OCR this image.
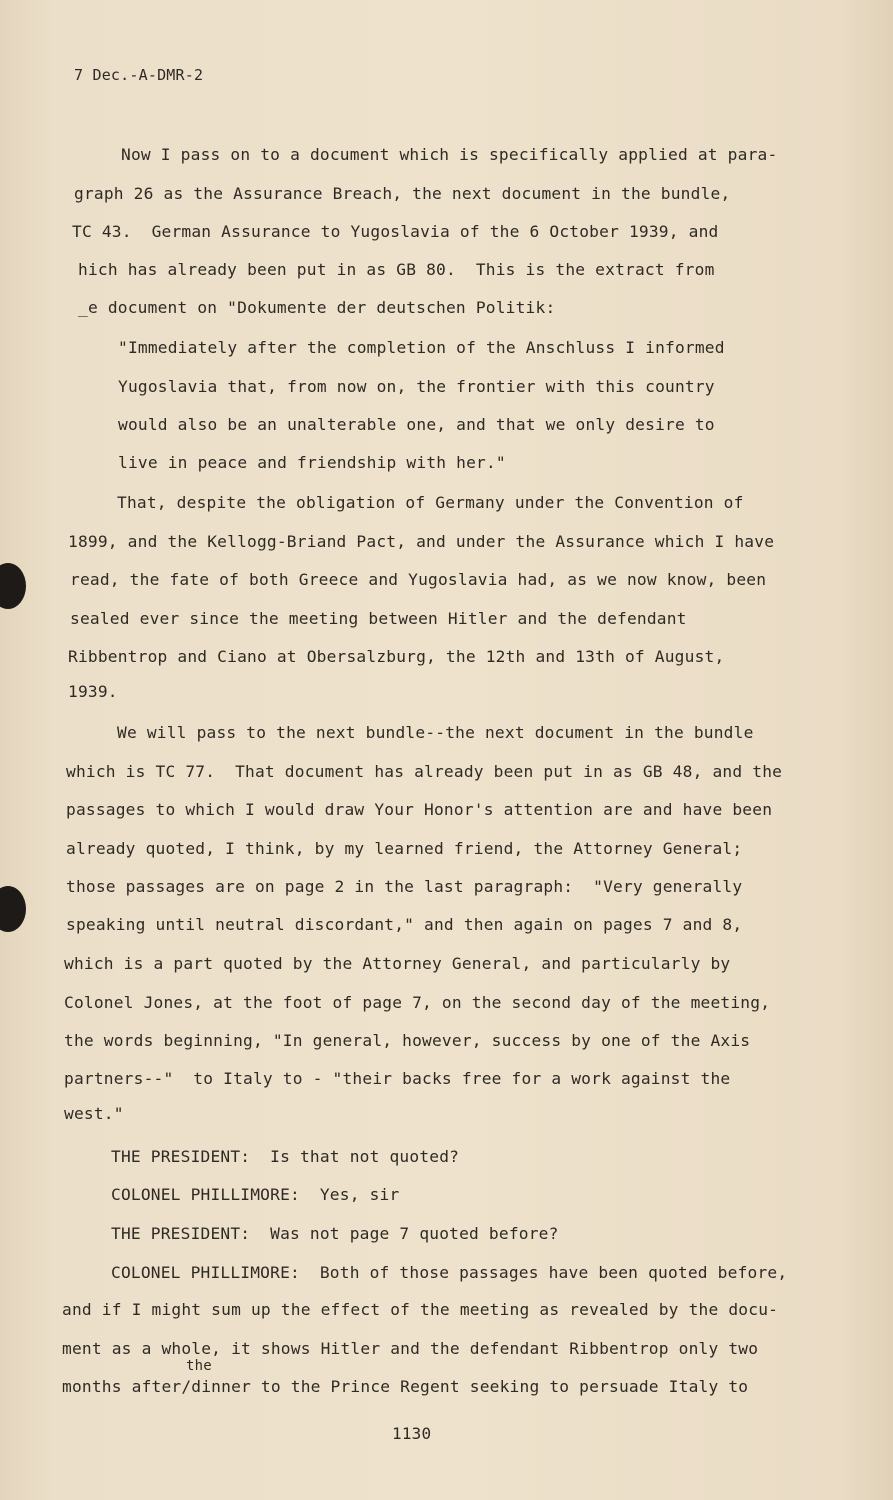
7 Dec.-A-DMR-2
Now I pass on to a document which is specifically applied at para-
graph 26 as the Assurance Breach, the next document in the bundle,
TC 43.  German Assurance to Yugoslavia of the 6 October 1939, and
hich has already been put in as GB 80.  This is the extract from
_e document on "Dokumente der deutschen Politik:
"Immediately after the completion of the Anschluss I informed
Yugoslavia that, from now on, the frontier with this country
would also be an unalterable one, and that we only desire to
live in peace and friendship with her."
That, despite the obligation of Germany under the Convention of
1899, and the Kellogg-Briand Pact, and under the Assurance which I have
read, the fate of both Greece and Yugoslavia had, as we now know, been
sealed ever since the meeting between Hitler and the defendant
Ribbentrop and Ciano at Obersalzburg, the 12th and 13th of August,
1939.
We will pass to the next bundle--the next document in the bundle
which is TC 77.  That document has already been put in as GB 48, and the
passages to which I would draw Your Honor's attention are and have been
already quoted, I think, by my learned friend, the Attorney General;
those passages are on page 2 in the last paragraph:  "Very generally
speaking until neutral discordant," and then again on pages 7 and 8,
which is a part quoted by the Attorney General, and particularly by
Colonel Jones, at the foot of page 7, on the second day of the meeting,
the words beginning, "In general, however, success by one of the Axis
partners--"  to Italy to - "their backs free for a work against the
west."
THE PRESIDENT:  Is that not quoted?
COLONEL PHILLIMORE:  Yes, sir
THE PRESIDENT:  Was not page 7 quoted before?
COLONEL PHILLIMORE:  Both of those passages have been quoted before,
and if I might sum up the effect of the meeting as revealed by the docu-
ment as a whole, it shows Hitler and the defendant Ribbentrop only two
the
months after/dinner to the Prince Regent seeking to persuade Italy to
1130
